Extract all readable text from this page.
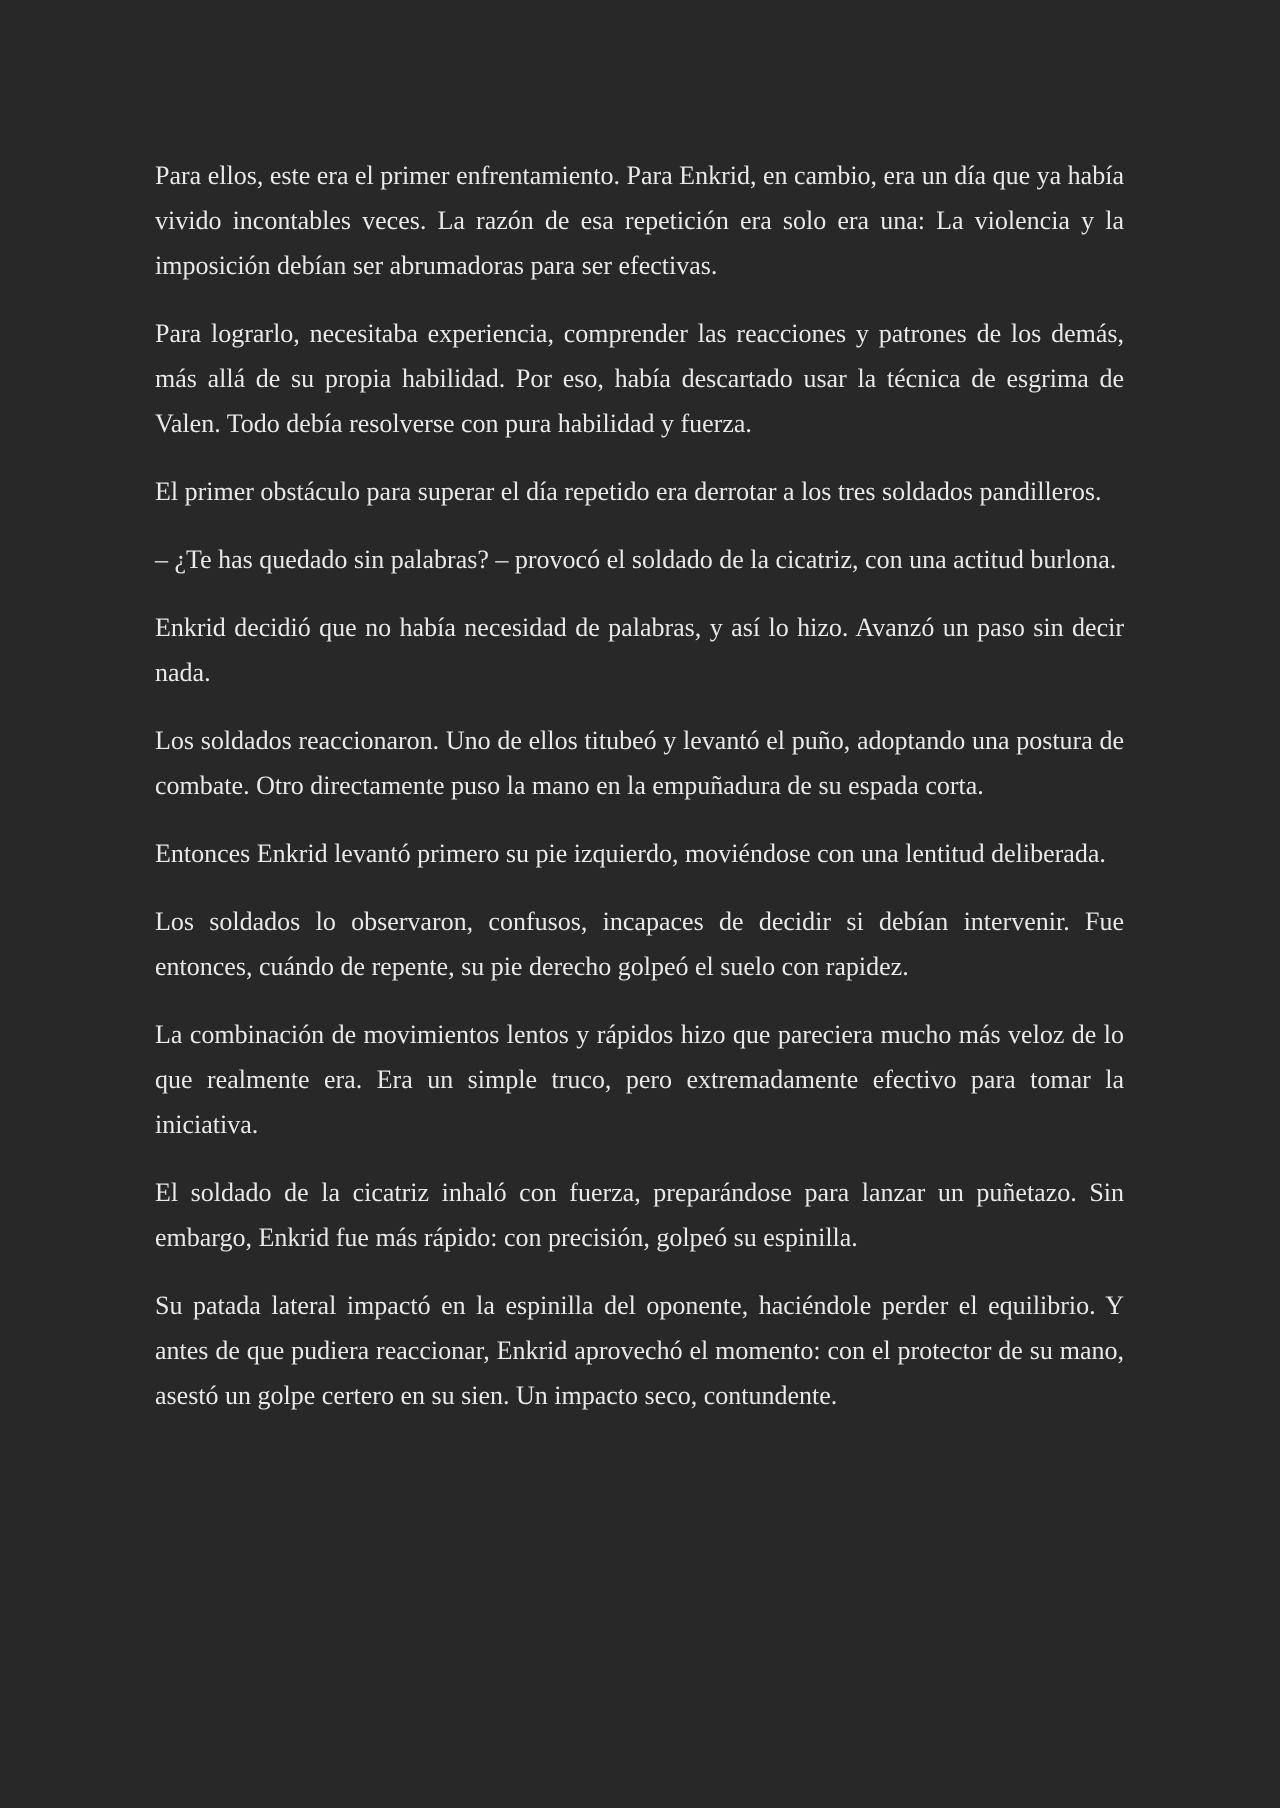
Para ellos, este era el primer enfrentamiento. Para Enkrid, en cambio, era un día que ya había vivido incontables veces. La razón de esa repetición era solo era una: La violencia y la imposición debían ser abrumadoras para ser efectivas.

Para lograrlo, necesitaba experiencia, comprender las reacciones y patrones de los demás, más allá de su propia habilidad. Por eso, había descartado usar la técnica de esgrima de Valen. Todo debía resolverse con pura habilidad y fuerza.

El primer obstáculo para superar el día repetido era derrotar a los tres soldados pandilleros.

– ¿Te has quedado sin palabras? – provocó el soldado de la cicatriz, con una actitud burlona.

Enkrid decidió que no había necesidad de palabras, y así lo hizo. Avanzó un paso sin decir nada.

Los soldados reaccionaron. Uno de ellos titubeó y levantó el puño, adoptando una postura de combate. Otro directamente puso la mano en la empuñadura de su espada corta.

Entonces Enkrid levantó primero su pie izquierdo, moviéndose con una lentitud deliberada.

Los soldados lo observaron, confusos, incapaces de decidir si debían intervenir. Fue entonces, cuándo de repente, su pie derecho golpeó el suelo con rapidez.

La combinación de movimientos lentos y rápidos hizo que pareciera mucho más veloz de lo que realmente era. Era un simple truco, pero extremadamente efectivo para tomar la iniciativa.

El soldado de la cicatriz inhaló con fuerza, preparándose para lanzar un puñetazo. Sin embargo, Enkrid fue más rápido: con precisión, golpeó su espinilla.

Su patada lateral impactó en la espinilla del oponente, haciéndole perder el equilibrio. Y antes de que pudiera reaccionar, Enkrid aprovechó el momento: con el protector de su mano, asestó un golpe certero en su sien. Un impacto seco, contundente.
